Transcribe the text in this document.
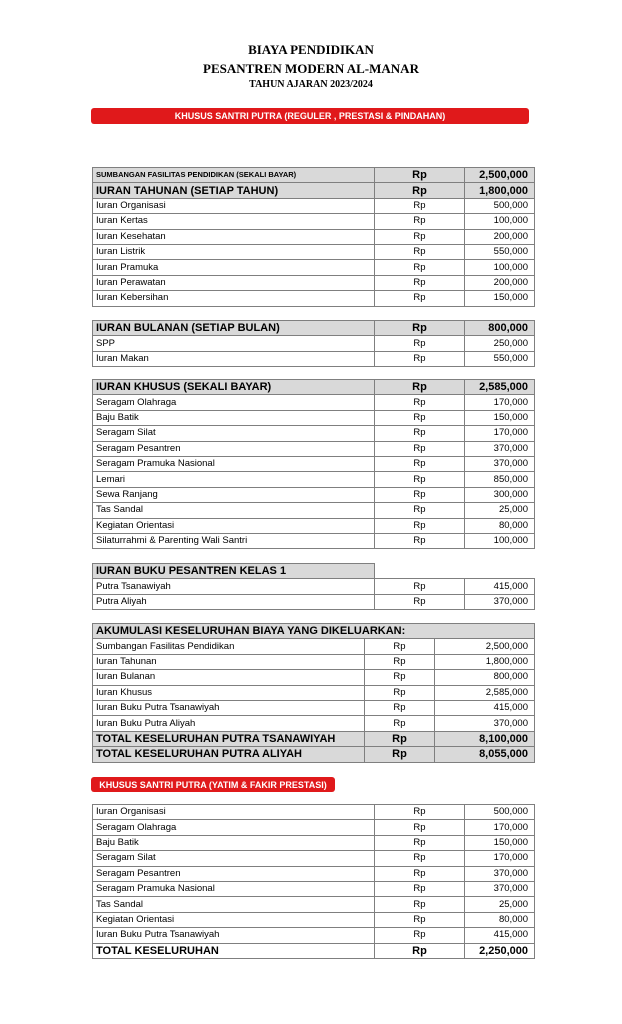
BIAYA PENDIDIKAN
PESANTREN MODERN AL-MANAR
TAHUN AJARAN 2023/2024
KHUSUS SANTRI PUTRA (REGULER , PRESTASI & PINDAHAN)
SUMBANGAN FASILITAS PENDIDIKAN (SEKALI BAYAR)	Rp	2,500,000
IURAN TAHUNAN (SETIAP TAHUN)	Rp	1,800,000
Iuran Organisasi	Rp	500,000
Iuran Kertas	Rp	100,000
Iuran Kesehatan	Rp	200,000
Iuran Listrik	Rp	550,000
Iuran Pramuka	Rp	100,000
Iuran Perawatan	Rp	200,000
Iuran Kebersihan	Rp	150,000
IURAN BULANAN (SETIAP BULAN)	Rp	800,000
SPP	Rp	250,000
Iuran Makan	Rp	550,000
IURAN KHUSUS (SEKALI BAYAR)	Rp	2,585,000
Seragam Olahraga	Rp	170,000
Baju Batik	Rp	150,000
Seragam Silat	Rp	170,000
Seragam Pesantren	Rp	370,000
Seragam Pramuka Nasional	Rp	370,000
Lemari	Rp	850,000
Sewa Ranjang	Rp	300,000
Tas Sandal	Rp	25,000
Kegiatan Orientasi	Rp	80,000
Silaturrahmi & Parenting Wali Santri	Rp	100,000
IURAN BUKU PESANTREN KELAS 1		
Putra Tsanawiyah	Rp	415,000
Putra Aliyah	Rp	370,000
AKUMULASI KESELURUHAN BIAYA YANG DIKELUARKAN:		
Sumbangan Fasilitas Pendidikan	Rp	2,500,000
Iuran Tahunan	Rp	1,800,000
Iuran Bulanan	Rp	800,000
Iuran Khusus	Rp	2,585,000
Iuran Buku Putra Tsanawiyah	Rp	415,000
Iuran Buku Putra Aliyah	Rp	370,000
TOTAL KESELURUHAN PUTRA TSANAWIYAH	Rp	8,100,000
TOTAL KESELURUHAN PUTRA ALIYAH	Rp	8,055,000
KHUSUS SANTRI PUTRA (YATIM & FAKIR PRESTASI)
Iuran Organisasi	Rp	500,000
Seragam Olahraga	Rp	170,000
Baju Batik	Rp	150,000
Seragam Silat	Rp	170,000
Seragam Pesantren	Rp	370,000
Seragam Pramuka Nasional	Rp	370,000
Tas Sandal	Rp	25,000
Kegiatan Orientasi	Rp	80,000
Iuran Buku Putra Tsanawiyah	Rp	415,000
TOTAL KESELURUHAN	Rp	2,250,000
